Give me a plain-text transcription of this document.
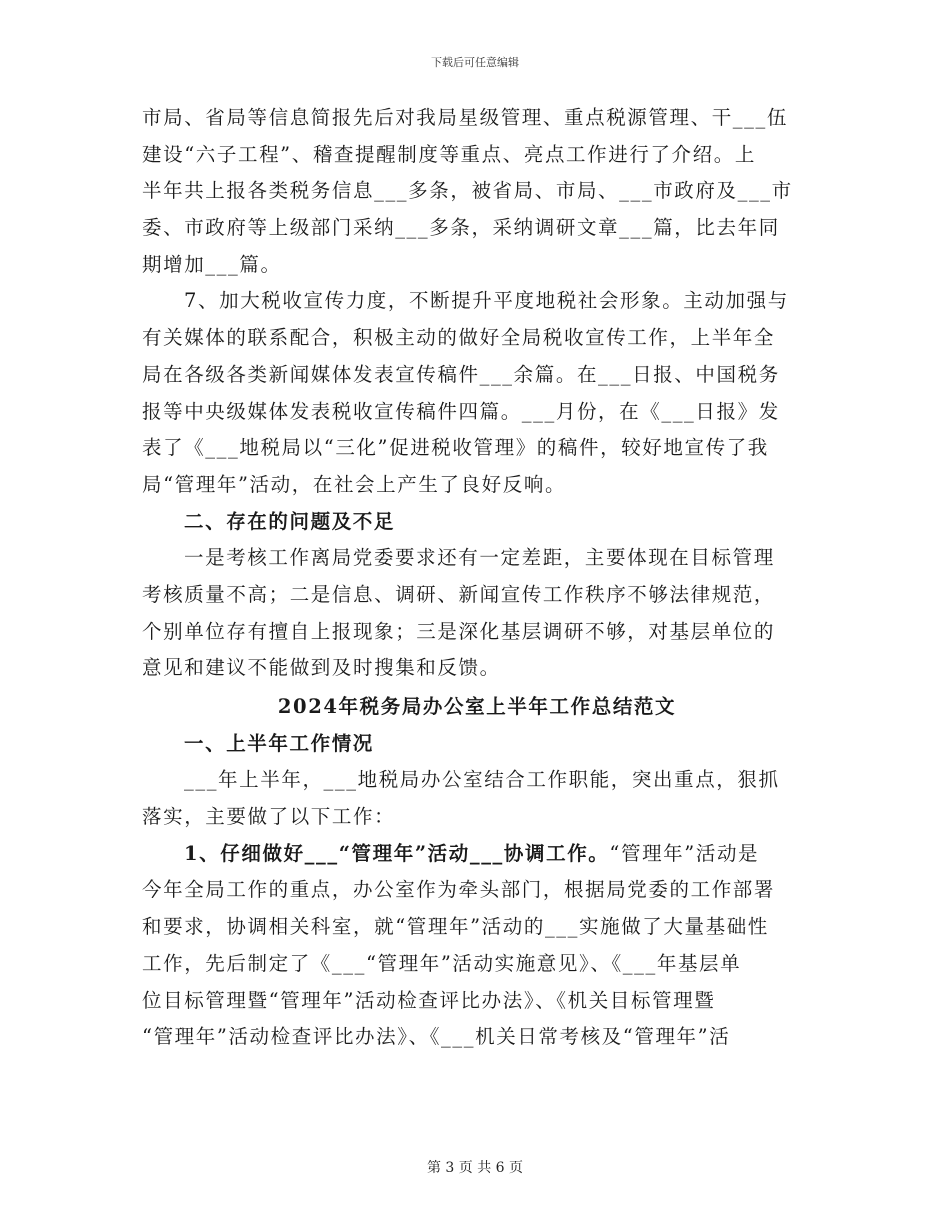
下载后可任意编辑
市局、省局等信息简报先后对我局星级管理、重点税源管理、干___伍
建设“六子工程”、稽查提醒制度等重点、亮点工作进行了介绍。上
半年共上报各类税务信息___多条，被省局、市局、___市政府及___市
委、市政府等上级部门采纳___多条，采纳调研文章___篇，比去年同
期增加___篇。
7、加大税收宣传力度，不断提升平度地税社会形象。主动加强与
有关媒体的联系配合，积极主动的做好全局税收宣传工作，上半年全
局在各级各类新闻媒体发表宣传稿件___余篇。在___日报、中国税务
报等中央级媒体发表税收宣传稿件四篇。___月份，在《___日报》发
表了《___地税局以“三化”促进税收管理》的稿件，较好地宣传了我
局“管理年”活动，在社会上产生了良好反响。
二、存在的问题及不足
一是考核工作离局党委要求还有一定差距，主要体现在目标管理
考核质量不高；二是信息、调研、新闻宣传工作秩序不够法律规范，
个别单位存有擅自上报现象；三是深化基层调研不够，对基层单位的
意见和建议不能做到及时搜集和反馈。
2024年税务局办公室上半年工作总结范文
一、上半年工作情况
___年上半年，___地税局办公室结合工作职能，突出重点，狠抓
落实，主要做了以下工作：
1、仔细做好___“管理年”活动___协调工作。“管理年”活动是
今年全局工作的重点，办公室作为牵头部门，根据局党委的工作部署
和要求，协调相关科室，就“管理年”活动的___实施做了大量基础性
工作，先后制定了《___“管理年”活动实施意见》、《___年基层单
位目标管理暨“管理年”活动检查评比办法》、《机关目标管理暨
“管理年”活动检查评比办法》、《___机关日常考核及“管理年”活
第 3 页 共 6 页
